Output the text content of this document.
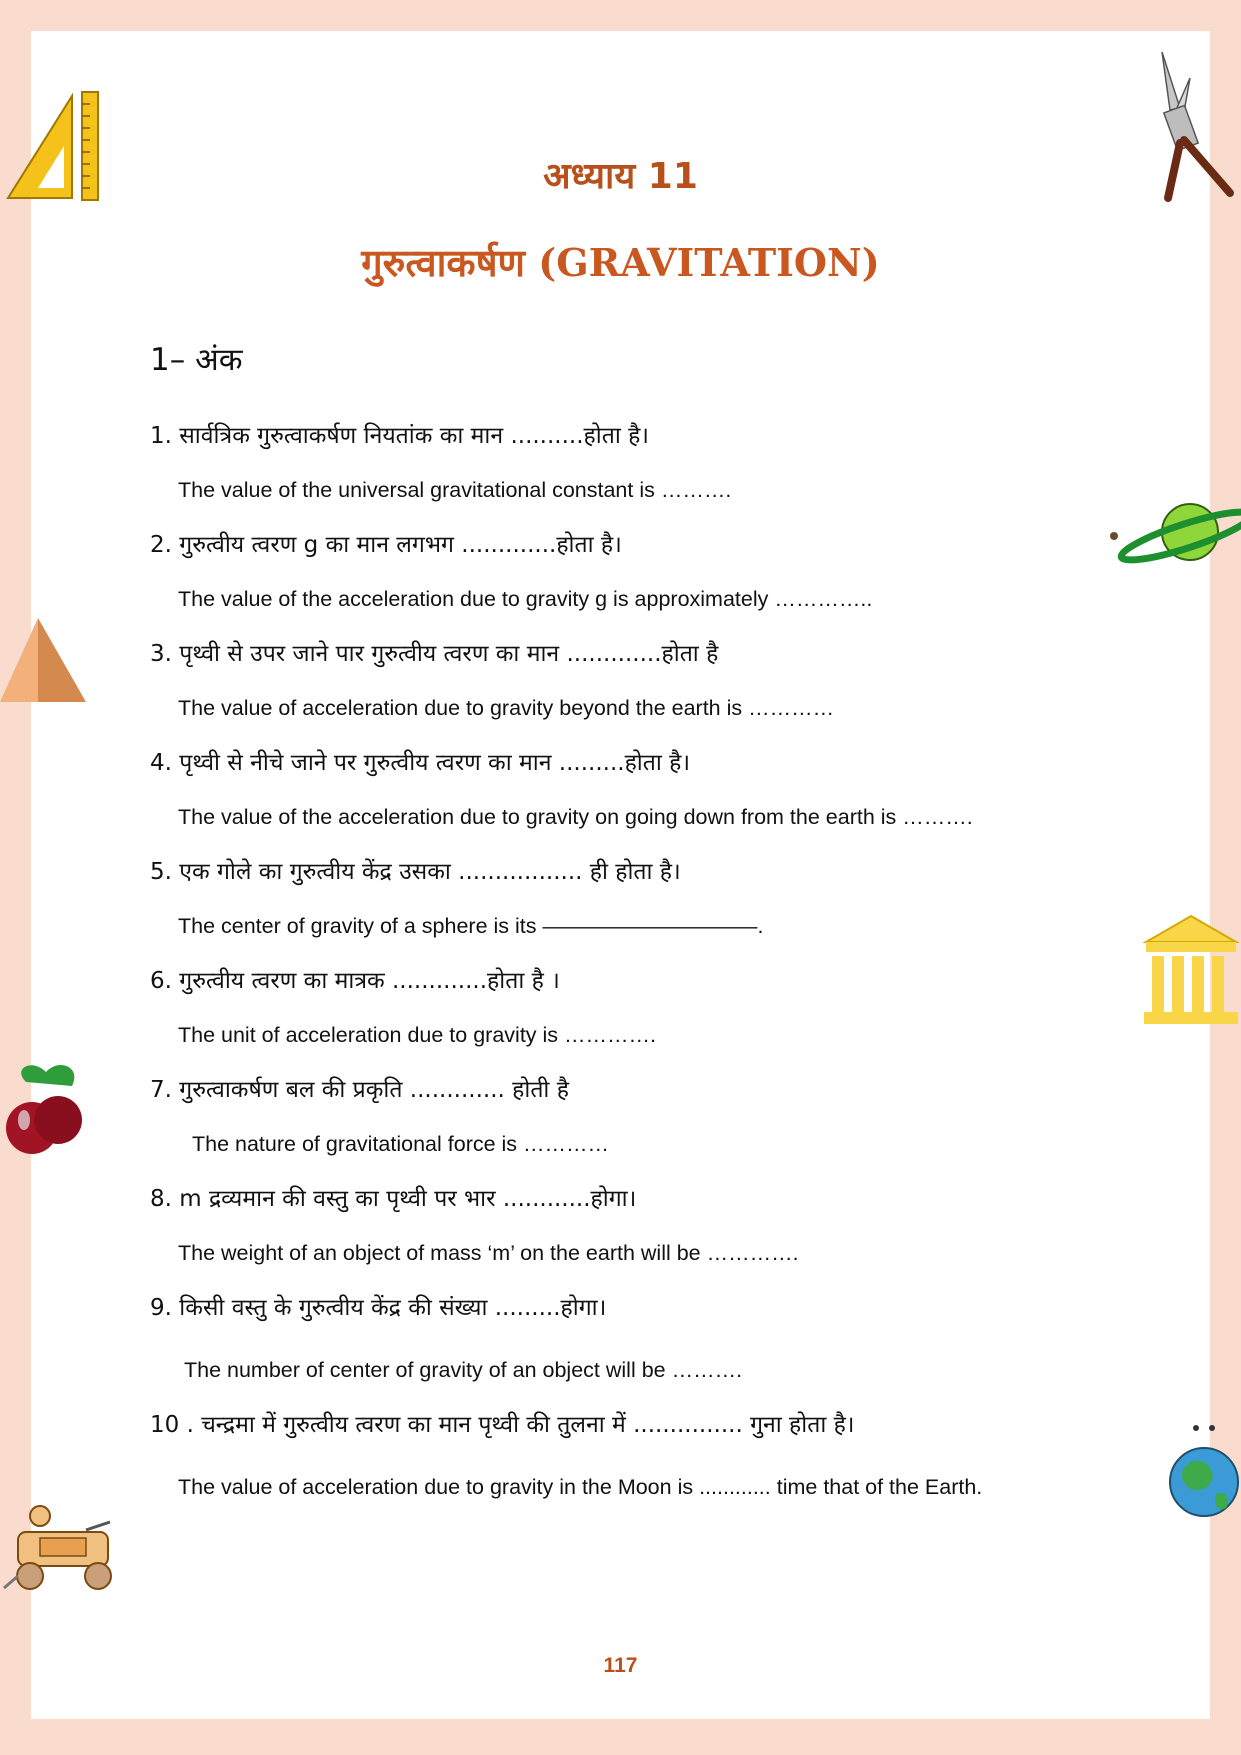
अध्याय 11
गुरुत्वाकर्षण (GRAVITATION)
1– अंक
1. सार्वत्रिक गुरुत्वाकर्षण नियतांक का मान ..........होता है।
The value of the universal gravitational constant is ……….
2. गुरुत्वीय त्वरण g का मान लगभग .............होता है।
The value of the acceleration due to gravity g is approximately …………..
3. पृथ्वी से उपर जाने पार गुरुत्वीय त्वरण का मान .............होता है
The value of acceleration due to gravity beyond the earth is …………
4. पृथ्वी से नीचे जाने पर गुरुत्वीय त्वरण का मान .........होता है।
The value of the acceleration due to gravity on going down from the earth is ……….
5. एक गोले का गुरुत्वीय केंद्र उसका ................. ही होता है।
The center of gravity of a sphere is its ——————————.
6. गुरुत्वीय त्वरण का मात्रक .............होता है ।
The unit of acceleration due to gravity is ………….
7. गुरुत्वाकर्षण बल की प्रकृति ............. होती है
The nature of gravitational force is …………
8. m द्रव्यमान की वस्तु का पृथ्वी पर भार ............होगा।
The weight of an object of mass ‘m’ on the earth will be ………….
9. किसी वस्तु के गुरुत्वीय केंद्र की संख्या .........होगा।
The number of center of gravity of an object will be ……….
10 . चन्द्रमा में गुरुत्वीय त्वरण का मान पृथ्वी की तुलना में ............... गुना होता है।
The value of acceleration due to gravity in the Moon is ............ time that of the Earth.
117
